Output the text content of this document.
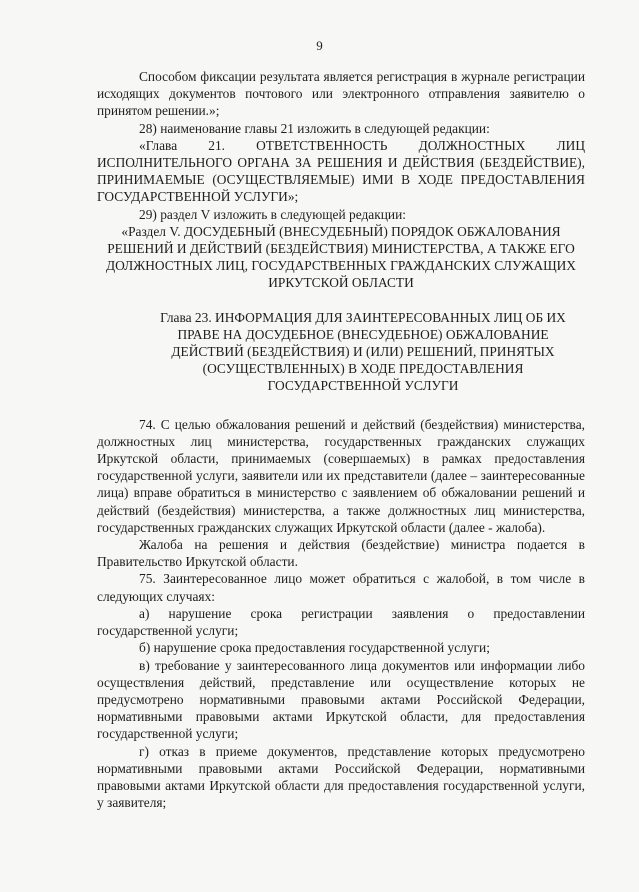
9

Способом фиксации результата является регистрация в журнале регистрации исходящих документов почтового или электронного отправления заявителю о принятом решении.»;

28) наименование главы 21 изложить в следующей редакции:

«Глава 21. ОТВЕТСТВЕННОСТЬ ДОЛЖНОСТНЫХ ЛИЦ ИСПОЛНИТЕЛЬНОГО ОРГАНА ЗА РЕШЕНИЯ И ДЕЙСТВИЯ (БЕЗДЕЙСТВИЕ), ПРИНИМАЕМЫЕ (ОСУЩЕСТВЛЯЕМЫЕ) ИМИ В ХОДЕ ПРЕДОСТАВЛЕНИЯ ГОСУДАРСТВЕННОЙ УСЛУГИ»;

29) раздел V изложить в следующей редакции:

«Раздел V. ДОСУДЕБНЫЙ (ВНЕСУДЕБНЫЙ) ПОРЯДОК ОБЖАЛОВАНИЯ РЕШЕНИЙ И ДЕЙСТВИЙ (БЕЗДЕЙСТВИЯ) МИНИСТЕРСТВА, А ТАКЖЕ ЕГО ДОЛЖНОСТНЫХ ЛИЦ, ГОСУДАРСТВЕННЫХ ГРАЖДАНСКИХ СЛУЖАЩИХ ИРКУТСКОЙ ОБЛАСТИ

Глава 23. ИНФОРМАЦИЯ ДЛЯ ЗАИНТЕРЕСОВАННЫХ ЛИЦ ОБ ИХ ПРАВЕ НА ДОСУДЕБНОЕ (ВНЕСУДЕБНОЕ) ОБЖАЛОВАНИЕ ДЕЙСТВИЙ (БЕЗДЕЙСТВИЯ) И (ИЛИ) РЕШЕНИЙ, ПРИНЯТЫХ (ОСУЩЕСТВЛЕННЫХ) В ХОДЕ ПРЕДОСТАВЛЕНИЯ ГОСУДАРСТВЕННОЙ УСЛУГИ

74. С целью обжалования решений и действий (бездействия) министерства, должностных лиц министерства, государственных гражданских служащих Иркутской области, принимаемых (совершаемых) в рамках предоставления государственной услуги, заявители или их представители (далее – заинтересованные лица) вправе обратиться в министерство с заявлением об обжаловании решений и действий (бездействия) министерства, а также должностных лиц министерства, государственных гражданских служащих Иркутской области (далее - жалоба).

Жалоба на решения и действия (бездействие) министра подается в Правительство Иркутской области.

75. Заинтересованное лицо может обратиться с жалобой, в том числе в следующих случаях:

а) нарушение срока регистрации заявления о предоставлении государственной услуги;

б) нарушение срока предоставления государственной услуги;

в) требование у заинтересованного лица документов или информации либо осуществления действий, представление или осуществление которых не предусмотрено нормативными правовыми актами Российской Федерации, нормативными правовыми актами Иркутской области, для предоставления государственной услуги;

г) отказ в приеме документов, представление которых предусмотрено нормативными правовыми актами Российской Федерации, нормативными правовыми актами Иркутской области для предоставления государственной услуги, у заявителя;
